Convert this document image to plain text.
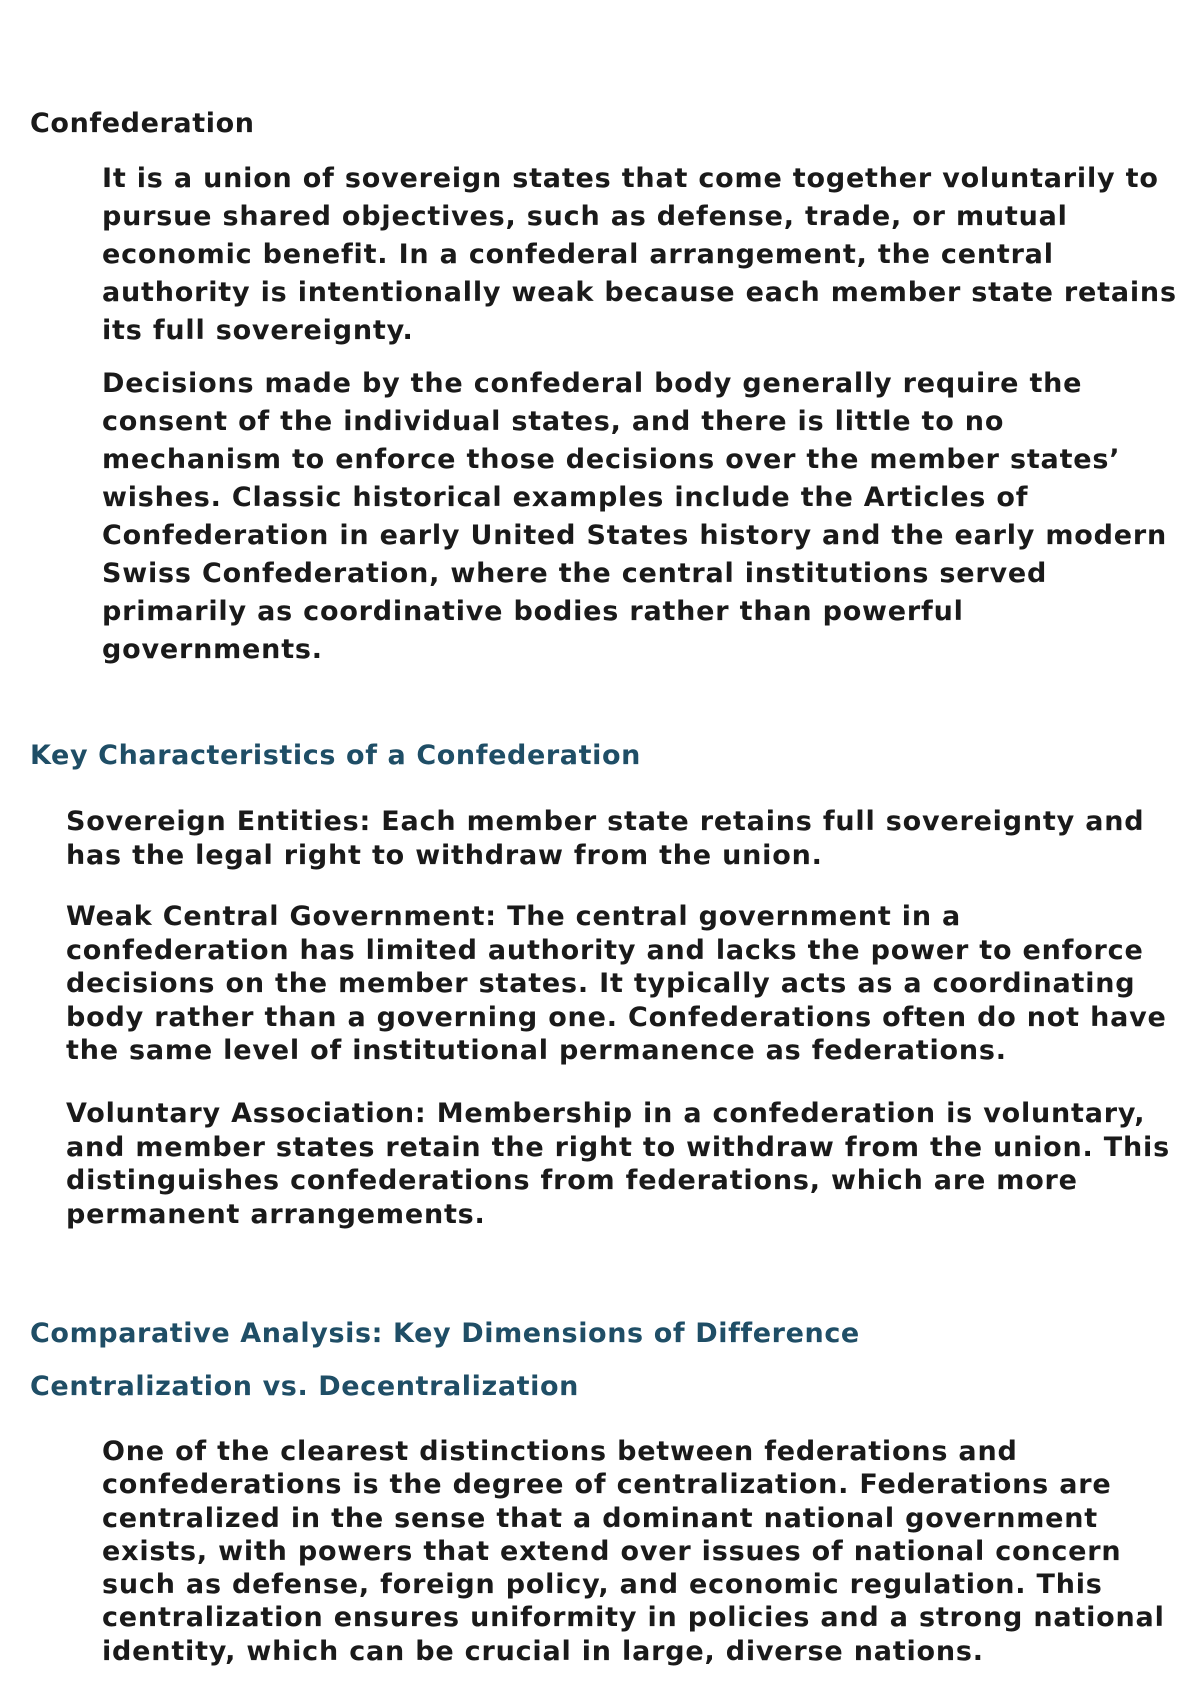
Confederation

It is a union of sovereign states that come together voluntarily to pursue shared objectives, such as defense, trade, or mutual economic benefit. In a confederal arrangement, the central authority is intentionally weak because each member state retains its full sovereignty.

Decisions made by the confederal body generally require the consent of the individual states, and there is little to no mechanism to enforce those decisions over the member states’ wishes. Classic historical examples include the Articles of Confederation in early United States history and the early modern Swiss Confederation, where the central institutions served primarily as coordinative bodies rather than powerful governments.

Key Characteristics of a Confederation

Sovereign Entities: Each member state retains full sovereignty and has the legal right to withdraw from the union.

Weak Central Government: The central government in a confederation has limited authority and lacks the power to enforce decisions on the member states. It typically acts as a coordinating body rather than a governing one. Confederations often do not have the same level of institutional permanence as federations.

Voluntary Association: Membership in a confederation is voluntary, and member states retain the right to withdraw from the union. This distinguishes confederations from federations, which are more permanent arrangements.

Comparative Analysis: Key Dimensions of Difference
Centralization vs. Decentralization

One of the clearest distinctions between federations and confederations is the degree of centralization. Federations are centralized in the sense that a dominant national government exists, with powers that extend over issues of national concern such as defense, foreign policy, and economic regulation. This centralization ensures uniformity in policies and a strong national identity, which can be crucial in large, diverse nations.
